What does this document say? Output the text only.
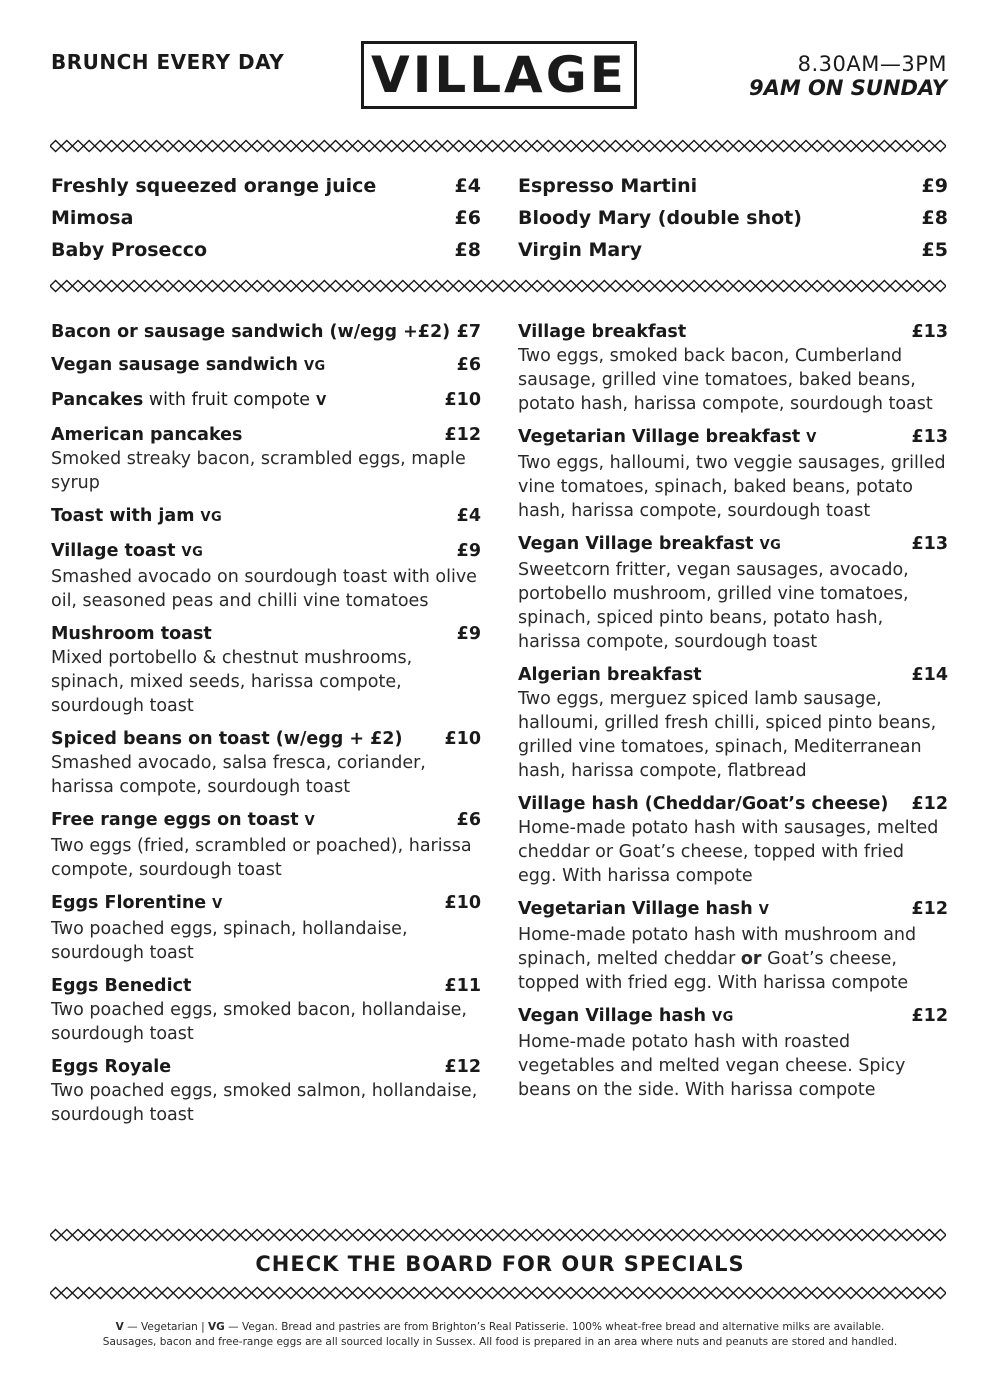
BRUNCH EVERY DAY VILLAGE	8.30AM—3PM
9AM ON SUNDAY
Freshly squeezed orange juice	£4
Mimosa	£6
Baby Prosecco	£8
Espresso Martini	£9
Bloody Mary (double shot)	£8
Virgin Mary	£5
Bacon or sausage sandwich (w/egg +£2) £7
Vegan sausage sandwich VG	£6
Pancakes with fruit compote V	£10
American pancakes	£12
Smoked streaky bacon, scrambled eggs, maple syrup
Toast with jam VG	£4
Village toast VG	£9
Smashed avocado on sourdough toast with olive oil, seasoned peas and chilli vine tomatoes
Mushroom toast	£9
Mixed portobello & chestnut mushrooms, spinach, mixed seeds, harissa compote, sourdough toast
Spiced beans on toast (w/egg + £2) £10
Smashed avocado, salsa fresca, coriander, harissa compote, sourdough toast
Free range eggs on toast V	£6
Two eggs (fried, scrambled or poached), harissa compote, sourdough toast
Eggs Florentine V	£10
Two poached eggs, spinach, hollandaise, sourdough toast
Eggs Benedict	£11
Two poached eggs, smoked bacon, hollandaise, sourdough toast
Eggs Royale	£12
Two poached eggs, smoked salmon, hollandaise, sourdough toast
Village breakfast	£13
Two eggs, smoked back bacon, Cumberland sausage, grilled vine tomatoes, baked beans, potato hash, harissa compote, sourdough toast
Vegetarian Village breakfast V	£13
Two eggs, halloumi, two veggie sausages, grilled vine tomatoes, spinach, baked beans, potato hash, harissa compote, sourdough toast
Vegan Village breakfast VG	£13
Sweetcorn fritter, vegan sausages, avocado, portobello mushroom, grilled vine tomatoes, spinach, spiced pinto beans, potato hash, harissa compote, sourdough toast
Algerian breakfast	£14
Two eggs, merguez spiced lamb sausage, halloumi, grilled fresh chilli, spiced pinto beans, grilled vine tomatoes, spinach, Mediterranean hash, harissa compote, flatbread
Village hash (Cheddar/Goat’s cheese) £12
Home-made potato hash with sausages, melted cheddar or Goat’s cheese, topped with fried egg. With harissa compote
Vegetarian Village hash V	£12
Home-made potato hash with mushroom and spinach, melted cheddar or Goat’s cheese, topped with fried egg. With harissa compote
Vegan Village hash VG	£12
Home-made potato hash with roasted vegetables and melted vegan cheese. Spicy beans on the side. With harissa compote
CHECK THE BOARD FOR OUR SPECIALS
V — Vegetarian | VG — Vegan. Bread and pastries are from Brighton’s Real Patisserie. 100% wheat-free bread and alternative milks are available.
Sausages, bacon and free-range eggs are all sourced locally in Sussex. All food is prepared in an area where nuts and peanuts are stored and handled.
